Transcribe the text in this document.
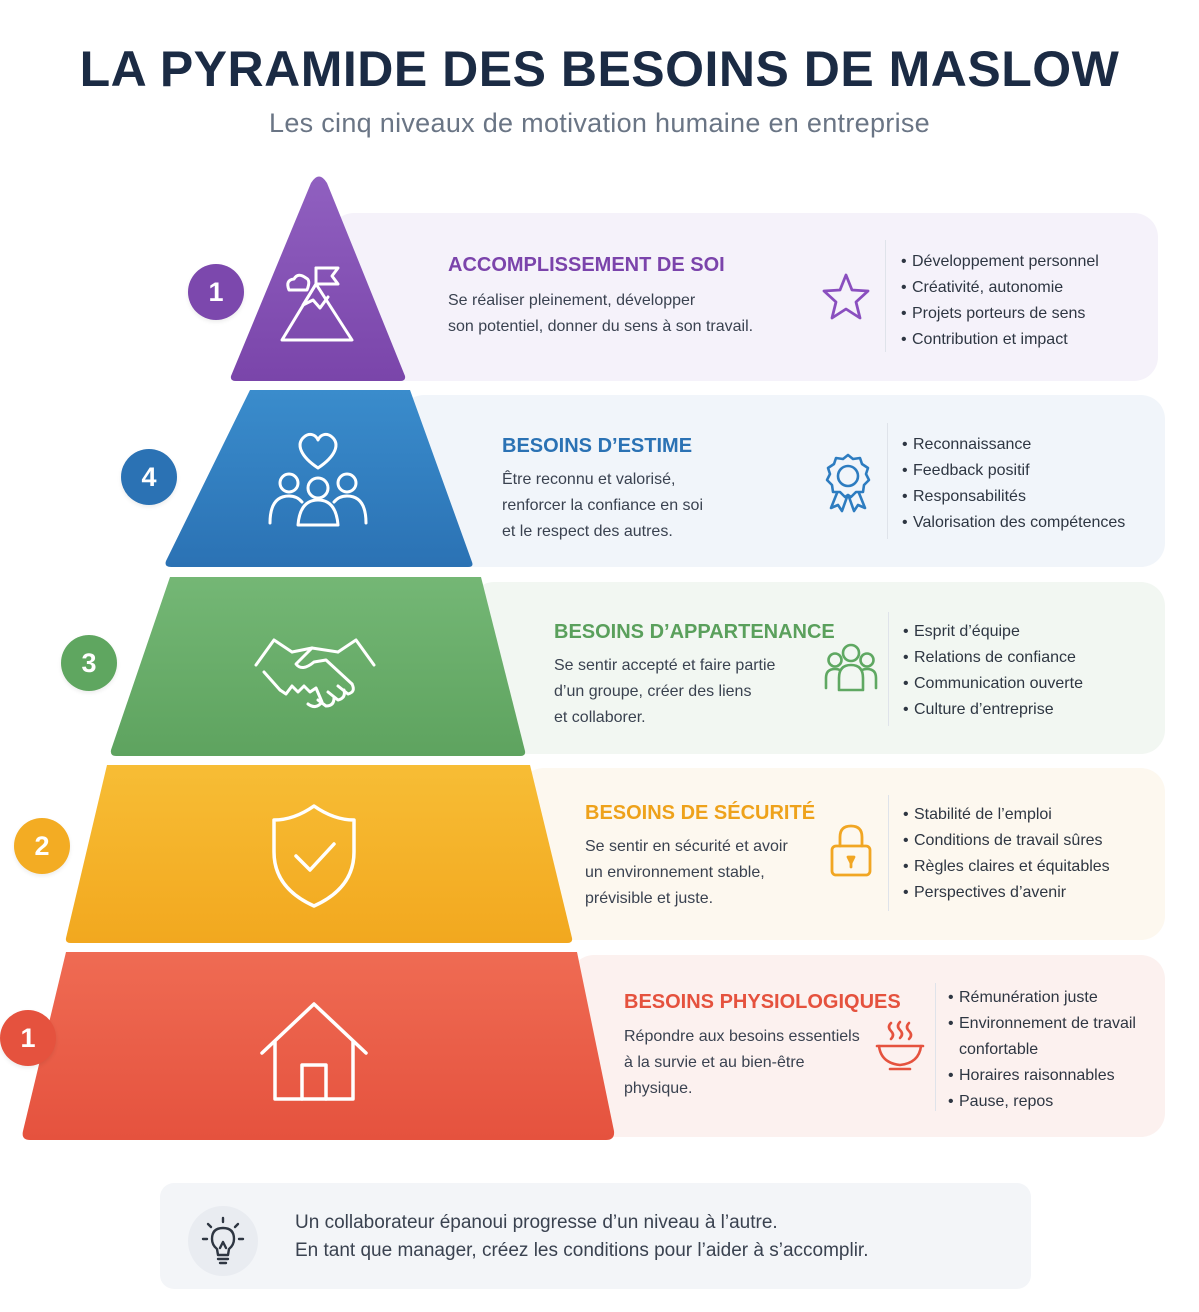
LA PYRAMIDE DES BESOINS DE MASLOW
Les cinq niveaux de motivation humaine en entreprise
1
4
3
2
1
ACCOMPLISSEMENT DE SOI
Se réaliser pleinement, développer
son potentiel, donner du sens à son travail.
• Développement personnel
• Créativité, autonomie
• Projets porteurs de sens
• Contribution et impact
BESOINS D’ESTIME
Être reconnu et valorisé,
renforcer la confiance en soi
et le respect des autres.
• Reconnaissance
• Feedback positif
• Responsabilités
• Valorisation des compétences
BESOINS D’APPARTENANCE
Se sentir accepté et faire partie
d’un groupe, créer des liens
et collaborer.
• Esprit d’équipe
• Relations de confiance
• Communication ouverte
• Culture d’entreprise
BESOINS DE SÉCURITÉ
Se sentir en sécurité et avoir
un environnement stable,
prévisible et juste.
• Stabilité de l’emploi
• Conditions de travail sûres
• Règles claires et équitables
• Perspectives d’avenir
BESOINS PHYSIOLOGIQUES
Répondre aux besoins essentiels
à la survie et au bien-être
physique.
• Rémunération juste
• Environnement de travail
confortable
• Horaires raisonnables
• Pause, repos
Un collaborateur épanoui progresse d’un niveau à l’autre.
En tant que manager, créez les conditions pour l’aider à s’accomplir.
